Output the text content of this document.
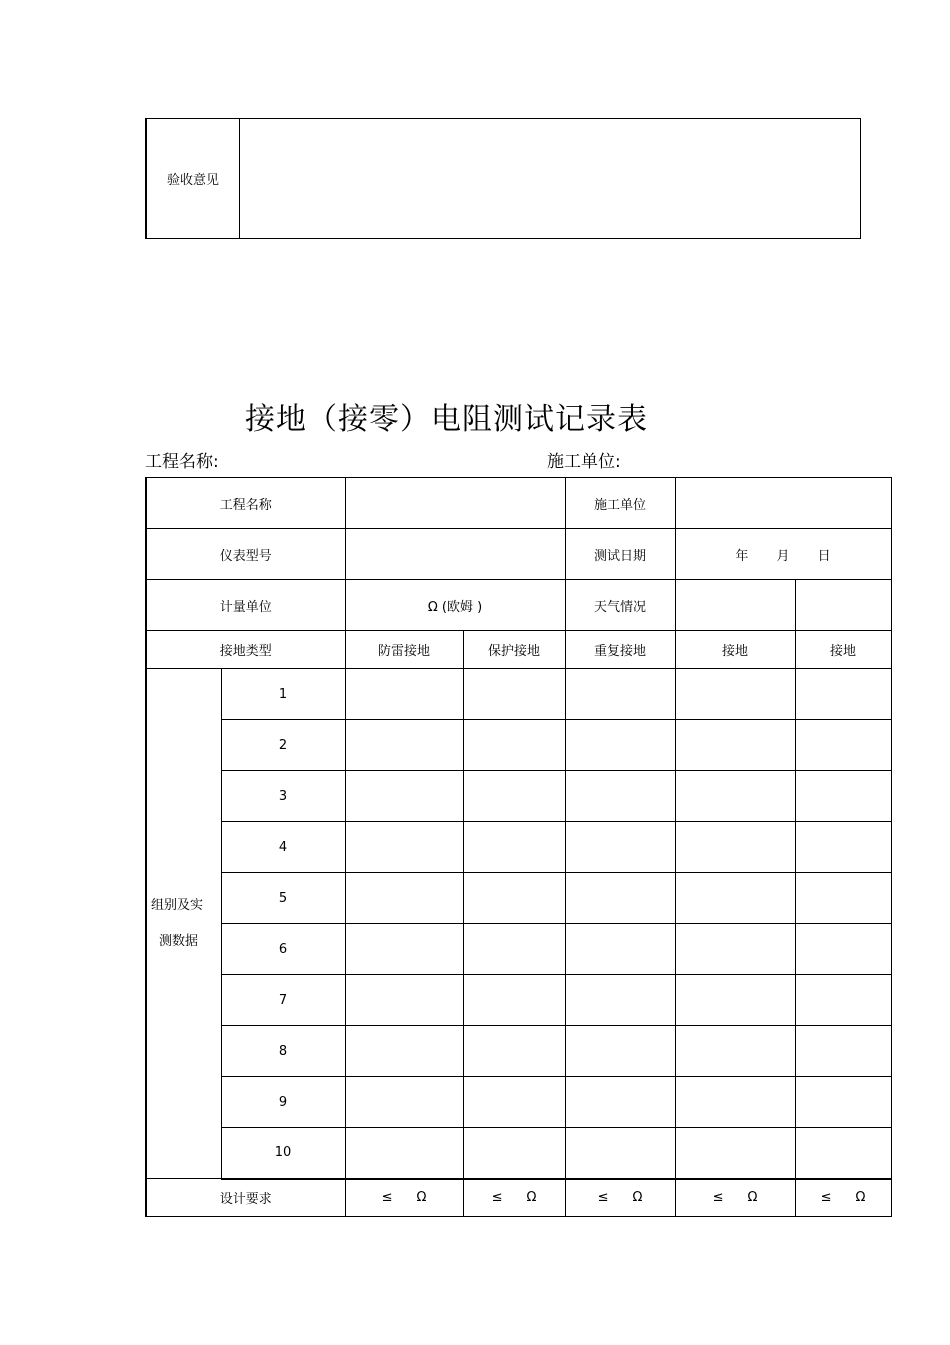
验收意见	
接地（接零）电阻测试记录表
工程名称:	施工单位:
工程名称				施工单位		
仪表型号				测试日期	年 月 日	
计量单位		Ω (欧姆 )		天气情况		
接地类型		防雷接地	保护接地	重复接地	接地	接地
组别及实
测数据	1					
	2					
	3					
	4					
	5					
	6					
	7					
	8					
	9					
	10					
设计要求		≤ Ω	≤ Ω	≤ Ω	≤ Ω	≤ Ω
